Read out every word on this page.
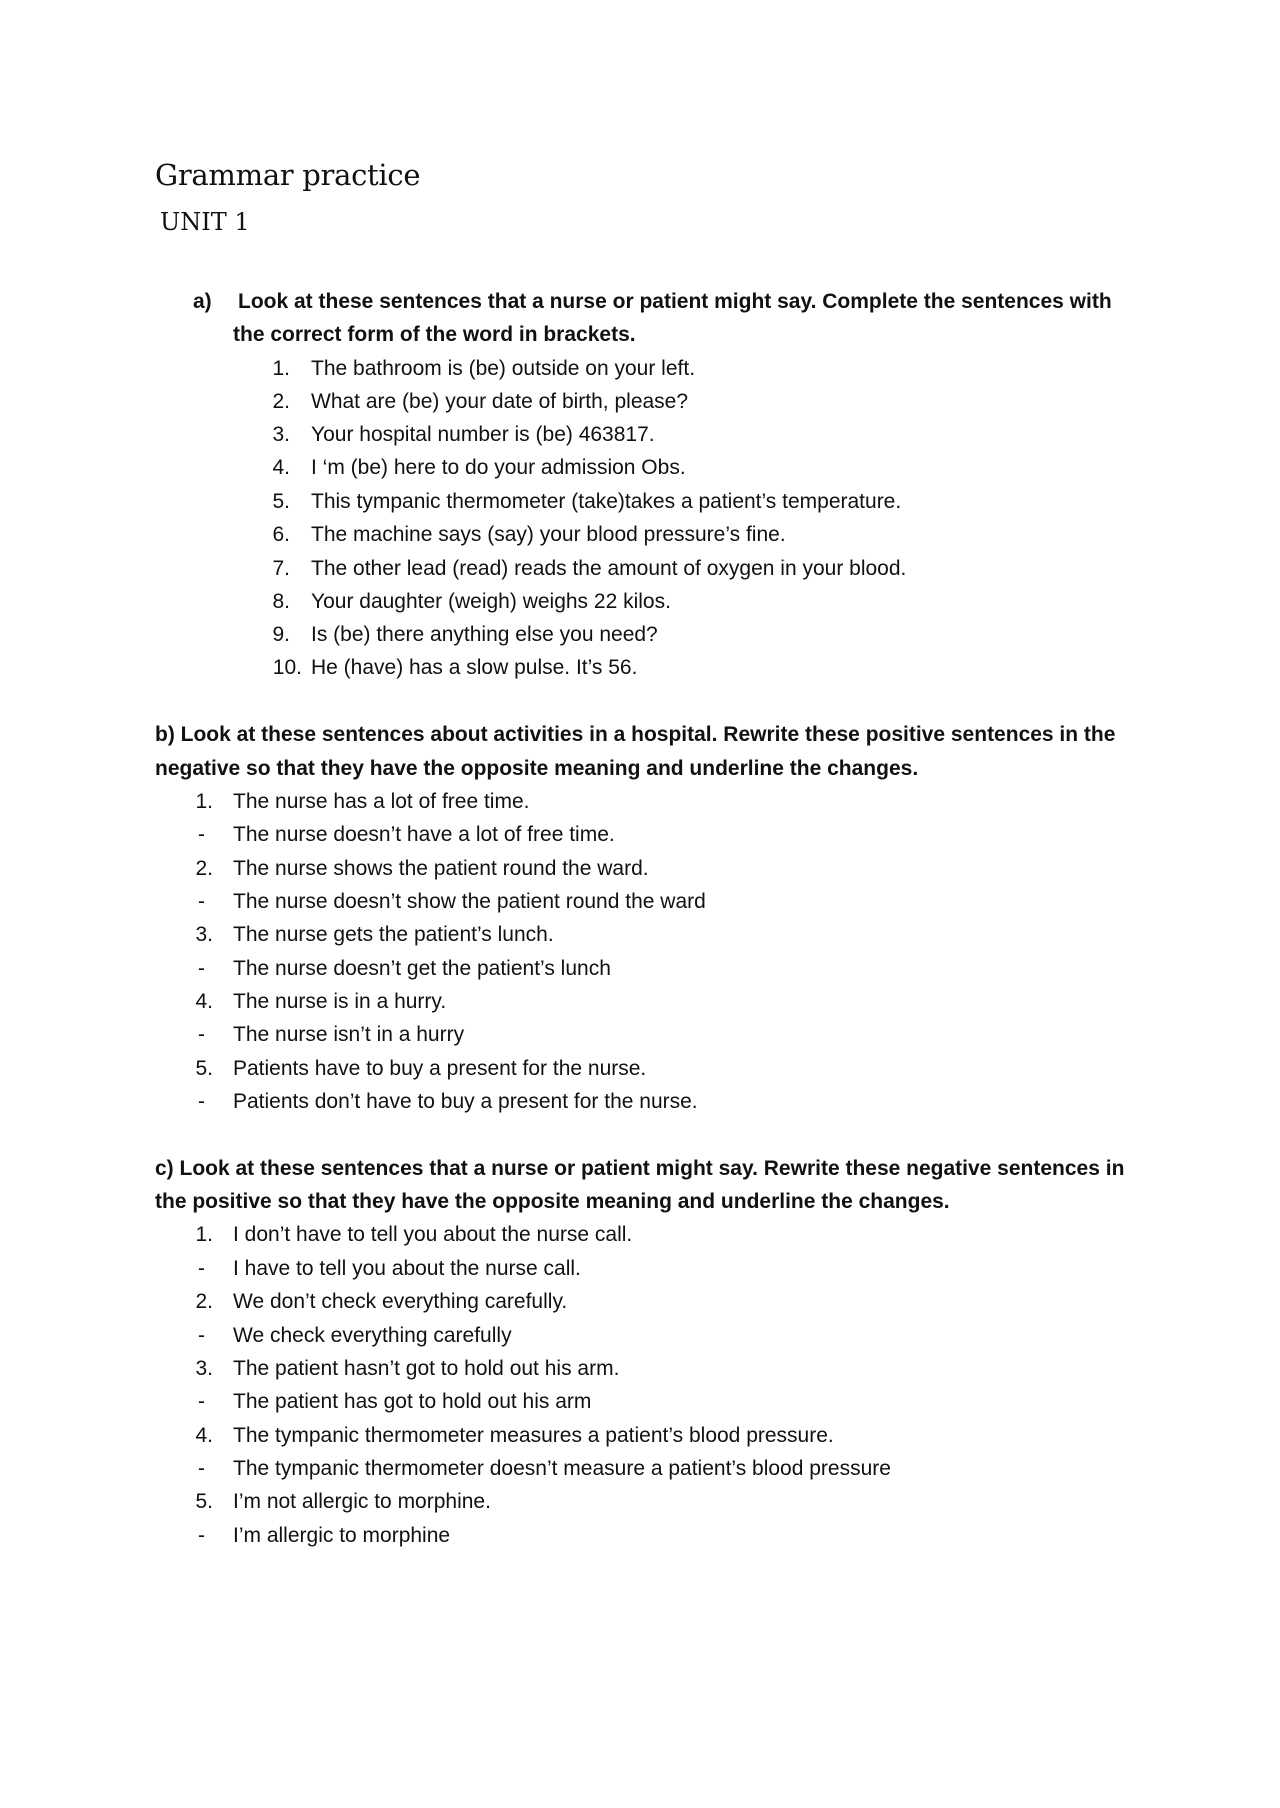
Grammar practice
UNIT 1
a) Look at these sentences that a nurse or patient might say. Complete the sentences with
the correct form of the word in brackets.
1. The bathroom is (be) outside on your left.
2. What are (be) your date of birth, please?
3. Your hospital number is (be) 463817.
4. I ‘m (be) here to do your admission Obs.
5. This tympanic thermometer (take)takes a patient’s temperature.
6. The machine says (say) your blood pressure’s fine.
7. The other lead (read) reads the amount of oxygen in your blood.
8. Your daughter (weigh) weighs 22 kilos.
9. Is (be) there anything else you need?
10. He (have) has a slow pulse. It’s 56.
b) Look at these sentences about activities in a hospital. Rewrite these positive sentences in the
negative so that they have the opposite meaning and underline the changes.
1. The nurse has a lot of free time.
- The nurse doesn’t have a lot of free time.
2. The nurse shows the patient round the ward.
- The nurse doesn’t show the patient round the ward
3. The nurse gets the patient’s lunch.
- The nurse doesn’t get the patient’s lunch
4. The nurse is in a hurry.
- The nurse isn’t in a hurry
5. Patients have to buy a present for the nurse.
- Patients don’t have to buy a present for the nurse.
c) Look at these sentences that a nurse or patient might say. Rewrite these negative sentences in
the positive so that they have the opposite meaning and underline the changes.
1. I don’t have to tell you about the nurse call.
- I have to tell you about the nurse call.
2. We don’t check everything carefully.
- We check everything carefully
3. The patient hasn’t got to hold out his arm.
- The patient has got to hold out his arm
4. The tympanic thermometer measures a patient’s blood pressure.
- The tympanic thermometer doesn’t measure a patient’s blood pressure
5. I’m not allergic to morphine.
- I’m allergic to morphine
